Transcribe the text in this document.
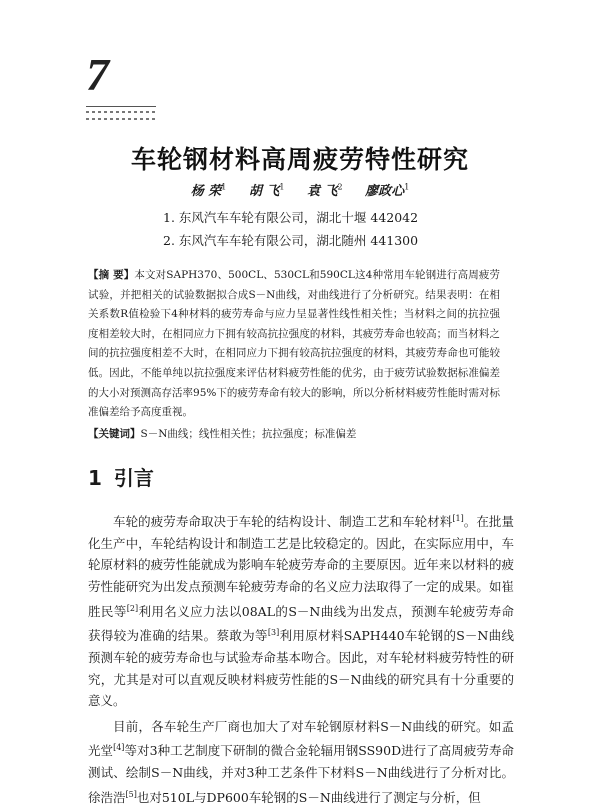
7
车轮钢材料高周疲劳特性研究
杨 荣$^1$ 胡 飞$^1$ 袁 飞$^2$ 廖政心$^1$
1. 东风汽车车轮有限公司，湖北十堰 442042
2. 东风汽车车轮有限公司，湖北随州 441300

【摘 要】本文对SAPH370、500CL、530CL和590CL这4种常用车轮钢进行高周疲劳试验，并把相关的试验数据拟合成S－N曲线，对曲线进行了分析研究。结果表明：在相关系数R值检验下4种材料的疲劳寿命与应力呈显著性线性相关性；当材料之间的抗拉强度相差较大时，在相同应力下拥有较高抗拉强度的材料，其疲劳寿命也较高；而当材料之间的抗拉强度相差不大时，在相同应力下拥有较高抗拉强度的材料，其疲劳寿命也可能较低。因此，不能单纯以抗拉强度来评估材料疲劳性能的优劣，由于疲劳试验数据标准偏差的大小对预测高存活率95%下的疲劳寿命有较大的影响，所以分析材料疲劳性能时需对标准偏差给予高度重视。

【关键词】S－N曲线；线性相关性；抗拉强度；标准偏差

1 引言

车轮的疲劳寿命取决于车轮的结构设计、制造工艺和车轮材料[1]。在批量化生产中，车轮结构设计和制造工艺是比较稳定的。因此，在实际应用中，车轮原材料的疲劳性能就成为影响车轮疲劳寿命的主要原因。近年来以材料的疲劳性能研究为出发点预测车轮疲劳寿命的名义应力法取得了一定的成果。如崔胜民等[2]利用名义应力法以08AL的S－N曲线为出发点，预测车轮疲劳寿命获得较为准确的结果。蔡敢为等[3]利用原材料SAPH440车轮钢的S－N曲线预测车轮的疲劳寿命也与试验寿命基本吻合。因此，对车轮材料疲劳特性的研究，尤其是对可以直观反映材料疲劳性能的S－N曲线的研究具有十分重要的意义。

目前，各车轮生产厂商也加大了对车轮钢原材料S－N曲线的研究。如孟光堂[4]等对3种工艺制度下研制的微合金轮辐用钢SS90D进行了高周疲劳寿命测试、绘制S－N曲线，并对3种工艺条件下材料S－N曲线进行了分析对比。徐浩浩[5]也对510L与DP600车轮钢的S－N曲线进行了测定与分析，但
